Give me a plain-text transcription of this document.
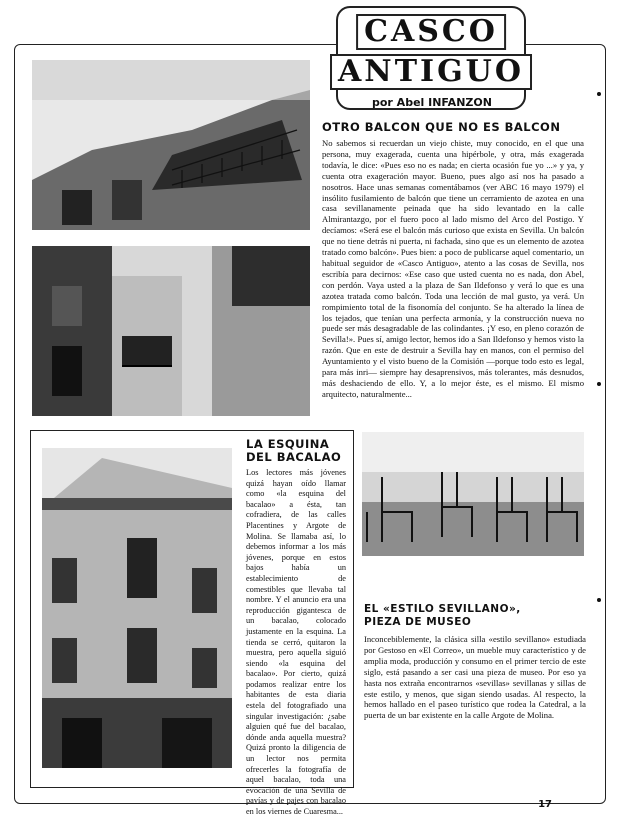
CASCO
ANTIGUO
por Abel INFANZON
OTRO BALCON QUE NO ES BALCON
No sabemos si recuerdan un viejo chiste, muy conocido, en el que una persona, muy exagerada, cuenta una hipérbole, y otra, más exagerada todavía, le dice: «Pues eso no es nada; en cierta ocasión fue yo ...» y ya, y cuenta otra exageración mayor. Bueno, pues algo así nos ha pasado a nosotros. Hace unas semanas comentábamos (ver ABC 16 mayo 1979) el insólito fusilamiento de balcón que tiene un cerramiento de azotea en una casa sevillanamente peinada que ha sido levantado en la calle Almirantazgo, por el fuero poco al lado mismo del Arco del Postigo. Y decíamos: «Será ese el balcón más curioso que exista en Sevilla. Un balcón que no tiene detrás ni puerta, ni fachada, sino que es un elemento de azotea tratado como balcón». Pues bien: a poco de publicarse aquel comentario, un habitual seguidor de «Casco Antiguo», atento a las cosas de Sevilla, nos escribía para decirnos: «Ese caso que usted cuenta no es nada, don Abel, con perdón. Vaya usted a la plaza de San Ildefonso y verá lo que es una azotea tratada como balcón. Toda una lección de mal gusto, ya verá. Un rompimiento total de la fisonomía del conjunto. Se ha alterado la línea de los tejados, que tenían una perfecta armonía, y la construcción nueva no puede ser más desagradable de las colindantes. ¡Y eso, en pleno corazón de Sevilla!». Pues sí, amigo lector, hemos ido a San Ildefonso y hemos visto la razón. Que en este de destruir a Sevilla hay en manos, con el permiso del Ayuntamiento y el visto bueno de la Comisión —porque todo esto es legal, para más inri— siempre hay desaprensivos, más tolerantes, más desnudos, más deshaciendo de ello. Y, a lo mejor éste, es el mismo. El mismo arquitecto, naturalmente...
LA ESQUINA
DEL BACALAO
Los lectores más jóvenes quizá hayan oído llamar como «la esquina del bacalao» a ésta, tan cofradiera, de las calles Placentines y Argote de Molina. Se llamaba así, lo debemos informar a los más jóvenes, porque en estos bajos había un establecimiento de comestibles que llevaba tal nombre. Y el anuncio era una reproducción gigantesca de un bacalao, colocado justamente en la esquina. La tienda se cerró, quitaron la muestra, pero aquella siguió siendo «la esquina del bacalao». Por cierto, quizá podamos realizar entre los habitantes de esta diaria estela del fotografiado una singular investigación: ¿sabe alguien qué fue del bacalao, dónde anda aquella muestra? Quizá pronto la diligencia de un lector nos permita ofrecerles la fotografía de aquel bacalao, toda una evocación de una Sevilla de pavías y de pajes con bacalao en los viernes de Cuaresma...
EL «ESTILO SEVILLANO»,
PIEZA DE MUSEO
Inconcebiblemente, la clásica silla «estilo sevillano» estudiada por Gestoso en «El Correo», un mueble muy característico y de amplia moda, producción y consumo en el primer tercio de este siglo, está pasando a ser casi una pieza de museo. Por eso ya hasta nos extraña encontrarnos «sevillas» sevillanas y sillas de este estilo, y menos, que sigan siendo usadas. Al respecto, la hemos hallado en el paseo turístico que rodea la Catedral, a la puerta de un bar existente en la calle Argote de Molina.
17
